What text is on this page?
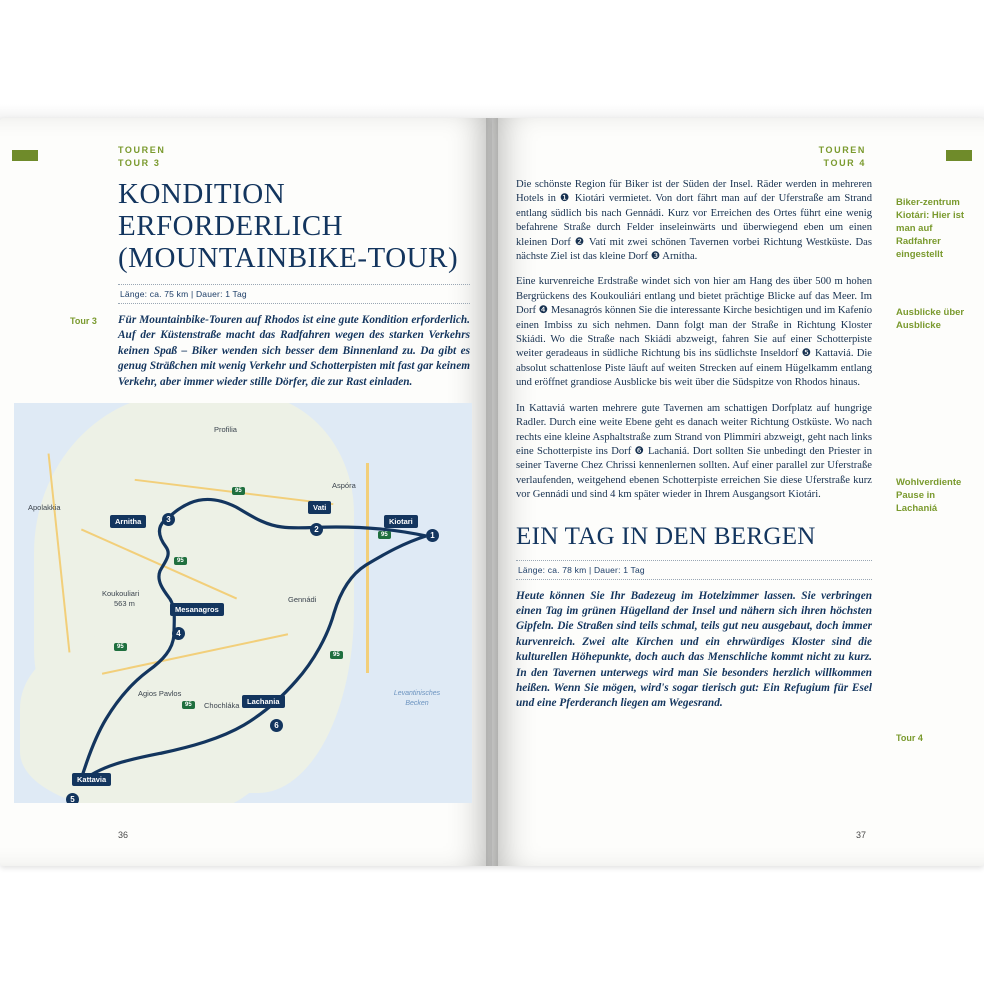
TOUREN
TOUR 3
KONDITION ERFORDERLICH (MOUNTAINBIKE-TOUR)
Länge: ca. 75 km | Dauer: 1 Tag
Für Mountainbike-Touren auf Rhodos ist eine gute Kondition erforderlich. Auf der Küstenstraße macht das Radfahren wegen des starken Verkehrs keinen Spaß – Biker wenden sich besser dem Binnenland zu. Da gibt es genug Sträßchen mit wenig Verkehr und Schotterpisten mit fast gar keinem Verkehr, aber immer wieder stille Dörfer, die zur Rast einladen.
Tour 3
Arnitha	3
Vati
2
Kiotari
1
Mesanagros
4
Lachania
6
Kattavia
5
Profilia
Apolakkia
Aspóra
Koukouliari
563 m	Gennádi
Agios Pavlos
Chochláka
95
95
95
95
95
95
Levantinisches Becken
36
TOUREN
TOUR 4

Die schönste Region für Biker ist der Süden der Insel. Räder werden in mehreren Hotels in ❶ Kiotári vermietet. Von dort fährt man auf der Uferstraße am Strand entlang südlich bis nach Gennádi. Kurz vor Erreichen des Ortes führt eine wenig befahrene Straße durch Felder inseleinwärts und überwiegend eben um einen kleinen Dorf ❷ Vatí mit zwei schönen Tavernen vorbei Richtung Westküste. Das nächste Ziel ist das kleine Dorf ❸ Arnítha.

Eine kurvenreiche Erdstraße windet sich von hier am Hang des über 500 m hohen Bergrückens des Koukouliári entlang und bietet prächtige Blicke auf das Meer. Im Dorf ❹ Mesanagrós können Sie die interessante Kirche besichtigen und im Kafenío einen Imbiss zu sich nehmen. Dann folgt man der Straße in Richtung Kloster Skiádi. Wo die Straße nach Skiádi abzweigt, fahren Sie auf einer Schotterpiste weiter geradeaus in südliche Richtung bis ins südlichste Inseldorf ❺ Kattaviá. Die absolut schattenlose Piste läuft auf weiten Strecken auf einem Hügelkamm entlang und eröffnet grandiose Ausblicke bis weit über die Südspitze von Rhodos hinaus.

In Kattaviá warten mehrere gute Tavernen am schattigen Dorfplatz auf hungrige Radler. Durch eine weite Ebene geht es danach weiter Richtung Ostküste. Wo nach rechts eine kleine Asphaltstraße zum Strand von Plimmíri abzweigt, geht nach links eine Schotterpiste ins Dorf ❻ Lachaniá. Dort sollten Sie unbedingt den Priester in seiner Taverne Chez Chrissi kennenlernen sollten. Auf einer parallel zur Uferstraße verlaufenden, weitgehend ebenen Schotterpiste erreichen Sie diese Uferstraße kurz vor Gennádi und sind 4 km später wieder in Ihrem Ausgangsort Kiotári.

EIN TAG IN DEN BERGEN
Länge: ca. 78 km | Dauer: 1 Tag
Heute können Sie Ihr Badezeug im Hotelzimmer lassen. Sie verbringen einen Tag im grünen Hügelland der Insel und nähern sich ihren höchsten Gipfeln. Die Straßen sind teils schmal, teils gut neu ausgebaut, doch immer kurvenreich. Zwei alte Kirchen und ein ehrwürdiges Kloster sind die kulturellen Höhepunkte, doch auch das Menschliche kommt nicht zu kurz. In den Tavernen unterwegs wird man Sie besonders herzlich willkommen heißen. Wenn Sie mögen, wird's sogar tierisch gut: Ein Refugium für Esel und eine Pferderanch liegen am Wegesrand.
Biker-zentrum Kiotári: Hier ist man auf Radfahrer eingestellt
Ausblicke über Ausblicke
Wohlverdiente Pause in Lachaniá
Tour 4
37
